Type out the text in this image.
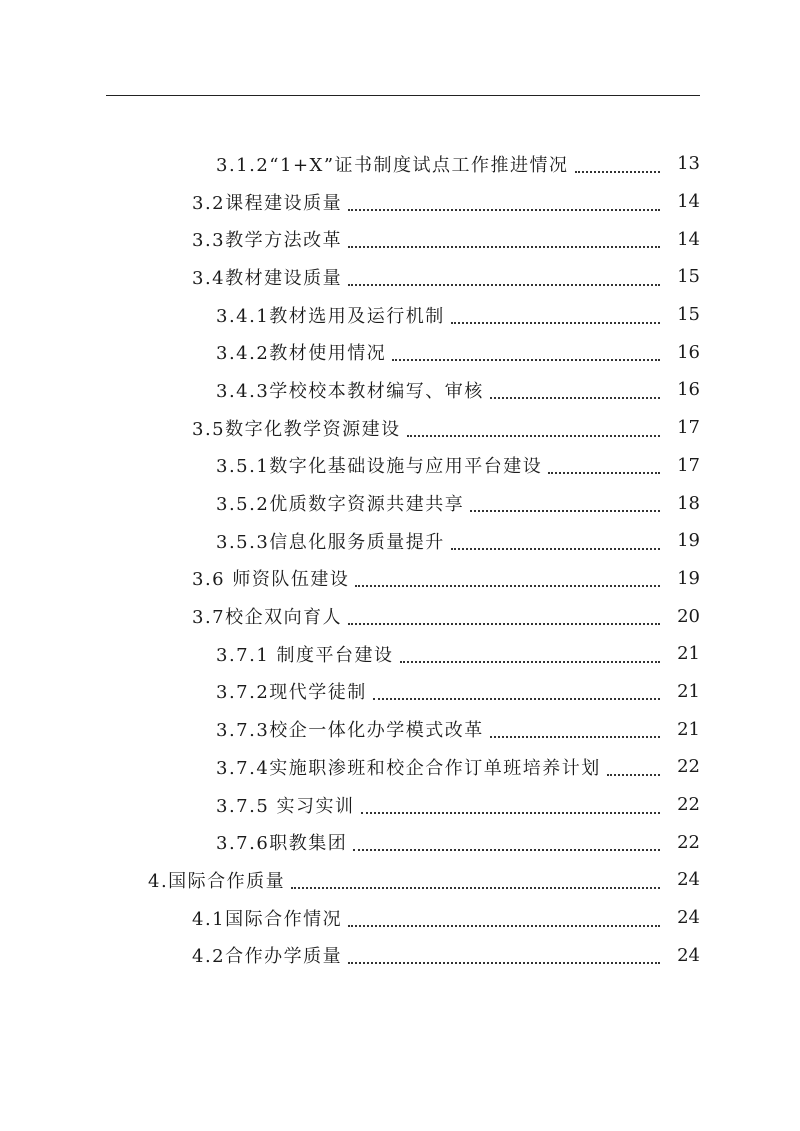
3.1.2“1+X”证书制度试点工作推进情况	13
3.2课程建设质量	14
3.3教学方法改革	14
3.4教材建设质量	15
3.4.1教材选用及运行机制	15
3.4.2教材使用情况	16
3.4.3学校校本教材编写、审核	16
3.5数字化教学资源建设	17
3.5.1数字化基础设施与应用平台建设	17
3.5.2优质数字资源共建共享	18
3.5.3信息化服务质量提升	19
3.6 师资队伍建设	19
3.7校企双向育人	20
3.7.1 制度平台建设	21
3.7.2现代学徒制	21
3.7.3校企一体化办学模式改革	21
3.7.4实施职渗班和校企合作订单班培养计划	22
3.7.5 实习实训	22
3.7.6职教集团	22
4.国际合作质量	24
4.1国际合作情况	24
4.2合作办学质量	24
